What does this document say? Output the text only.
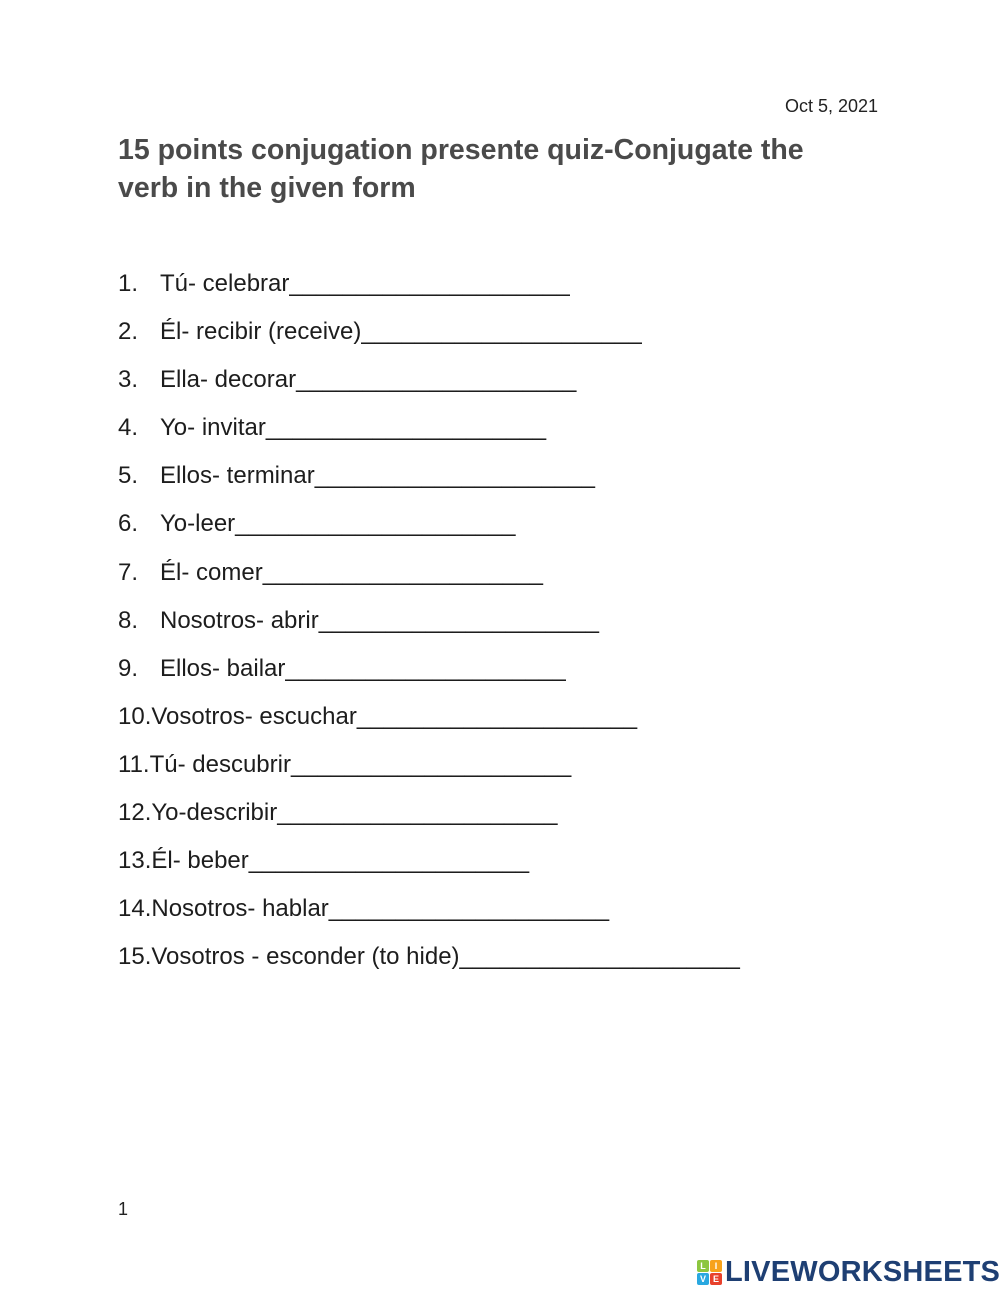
Oct 5, 2021
15 points conjugation presente quiz-Conjugate the verb in the given form
1. Tú- celebrar _____________________
2. Él- recibir (receive) _____________________
3. Ella- decorar _____________________
4. Yo- invitar _____________________
5. Ellos- terminar _____________________
6. Yo-leer _____________________
7. Él- comer _____________________
8. Nosotros- abrir _____________________
9. Ellos- bailar _____________________
10. Vosotros- escuchar _____________________
11. Tú- descubrir _____________________
12. Yo-describir _____________________
13. Él- beber _____________________
14. Nosotros- hablar _____________________
15. Vosotros - esconder (to hide) _____________________
1
L I
V E LIVEWORKSHEETS
